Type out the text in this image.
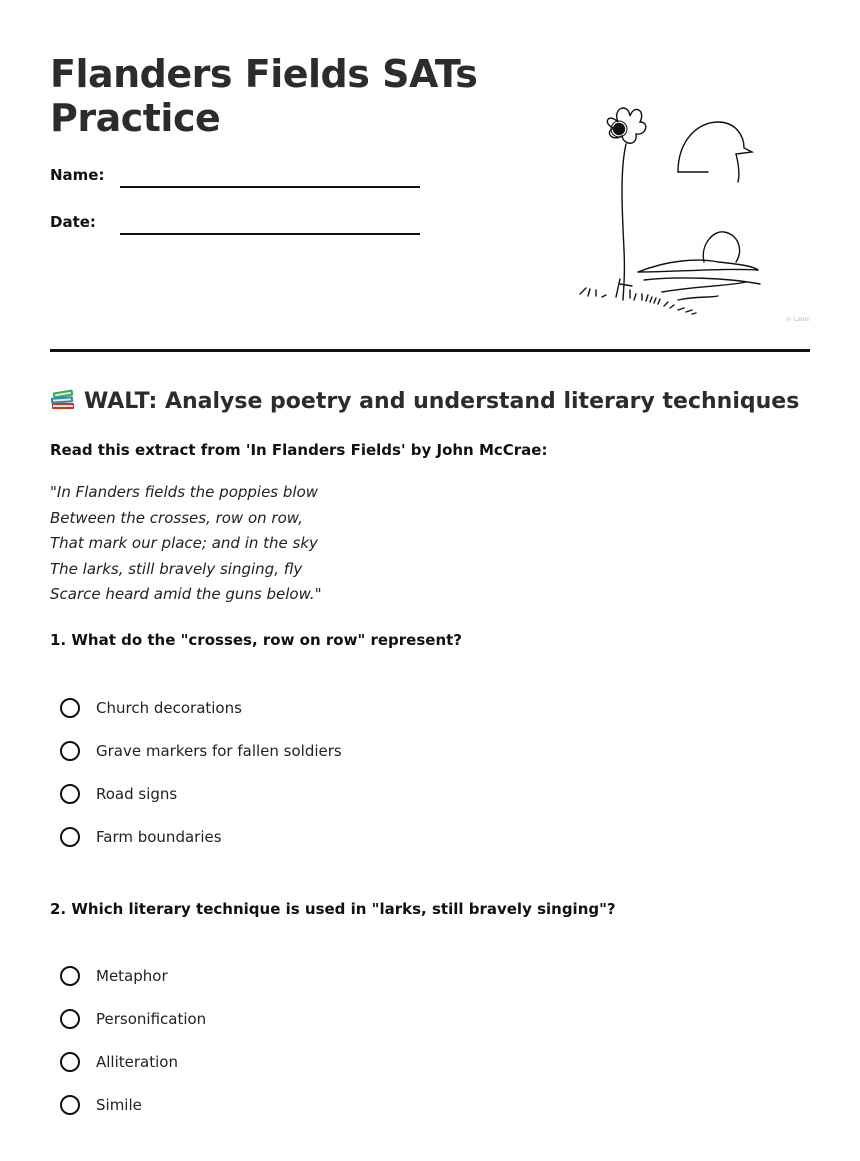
Flanders Fields SATs
Practice
Name:
Date:
© Lalon
WALT: Analyse poetry and understand literary techniques
Read this extract from 'In Flanders Fields' by John McCrae:
"In Flanders fields the poppies blow
Between the crosses, row on row,
That mark our place; and in the sky
The larks, still bravely singing, fly
Scarce heard amid the guns below."
1. What do the "crosses, row on row" represent?
Church decorations
Grave markers for fallen soldiers
Road signs
Farm boundaries
2. Which literary technique is used in "larks, still bravely singing"?
Metaphor
Personification
Alliteration
Simile
